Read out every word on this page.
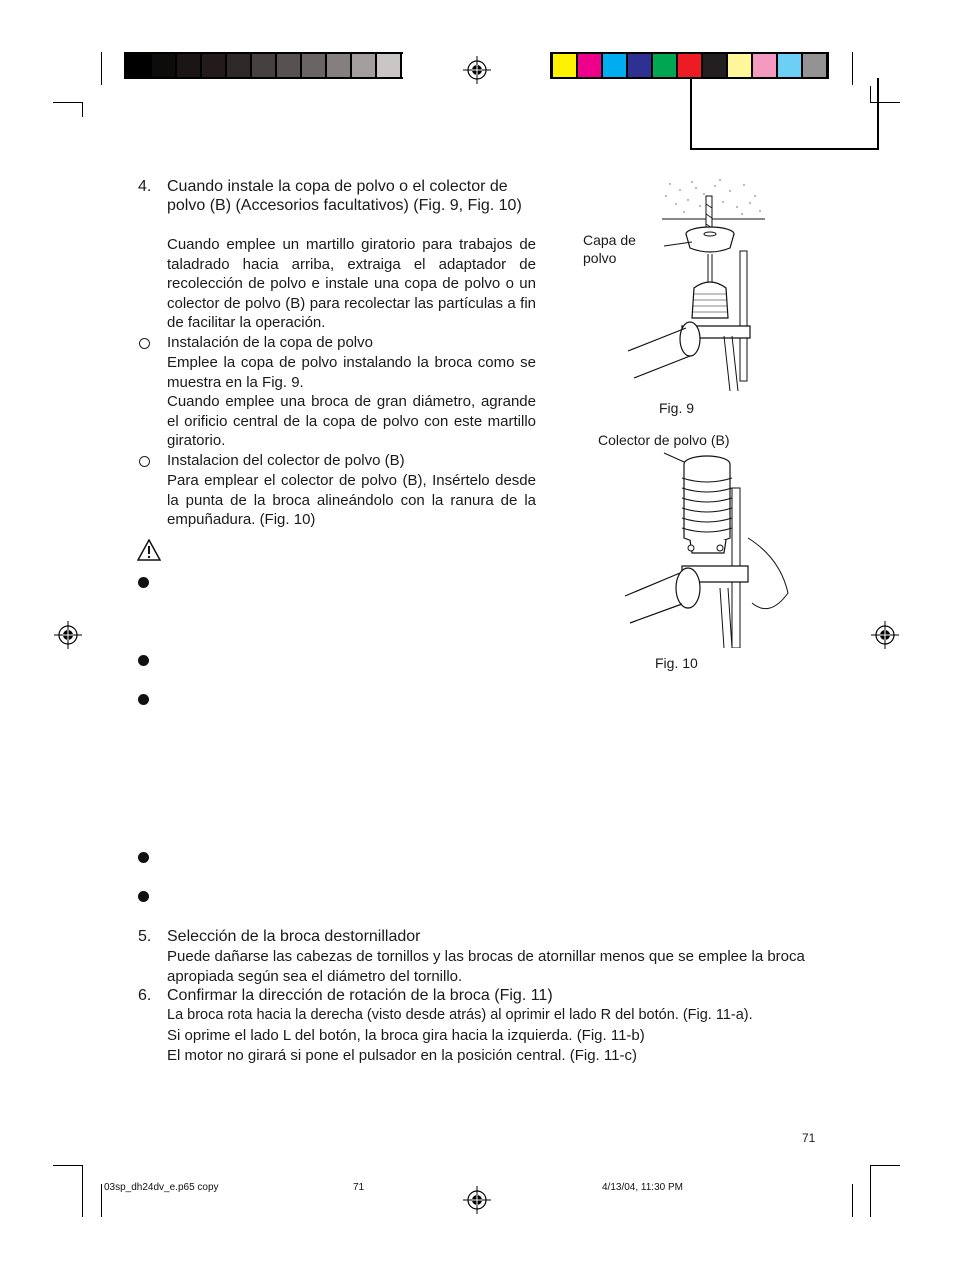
4. Cuando instale la copa de polvo o el colector de polvo (B) (Accesorios facultativos) (Fig. 9, Fig. 10)
Cuando emplee un martillo giratorio para trabajos de taladrado hacia arriba, extraiga el adaptador de recolección de polvo e instale una copa de polvo o un colector de polvo (B) para recolectar las partículas a fin de facilitar la operación.
Instalación de la copa de polvo
Emplee la copa de polvo instalando la broca como se muestra en la Fig. 9.
Cuando emplee una broca de gran diámetro, agrande el orificio central de la copa de polvo con este martillo giratorio.
Instalacion del colector de polvo (B)
Para emplear el colector de polvo (B), Insértelo desde la punta de la broca alineándolo con la ranura de la empuñadura. (Fig. 10)
Capa de polvo
Fig. 9
Colector de polvo (B)
Fig. 10
5. Selección de la broca destornillador
Puede dañarse las cabezas de tornillos y las brocas de atornillar menos que se emplee la broca apropiada según sea el diámetro del tornillo.
6. Confirmar la dirección de rotación de la broca (Fig. 11)
La broca rota hacia la derecha (visto desde atrás) al oprimir el lado R del botón. (Fig. 11-a).
Si oprime el lado L del botón, la broca gira hacia la izquierda. (Fig. 11-b)
El motor no girará si pone el pulsador en la posición central. (Fig. 11-c)
71
03sp_dh24dv_e.p65 copy	71	4/13/04, 11:30 PM
